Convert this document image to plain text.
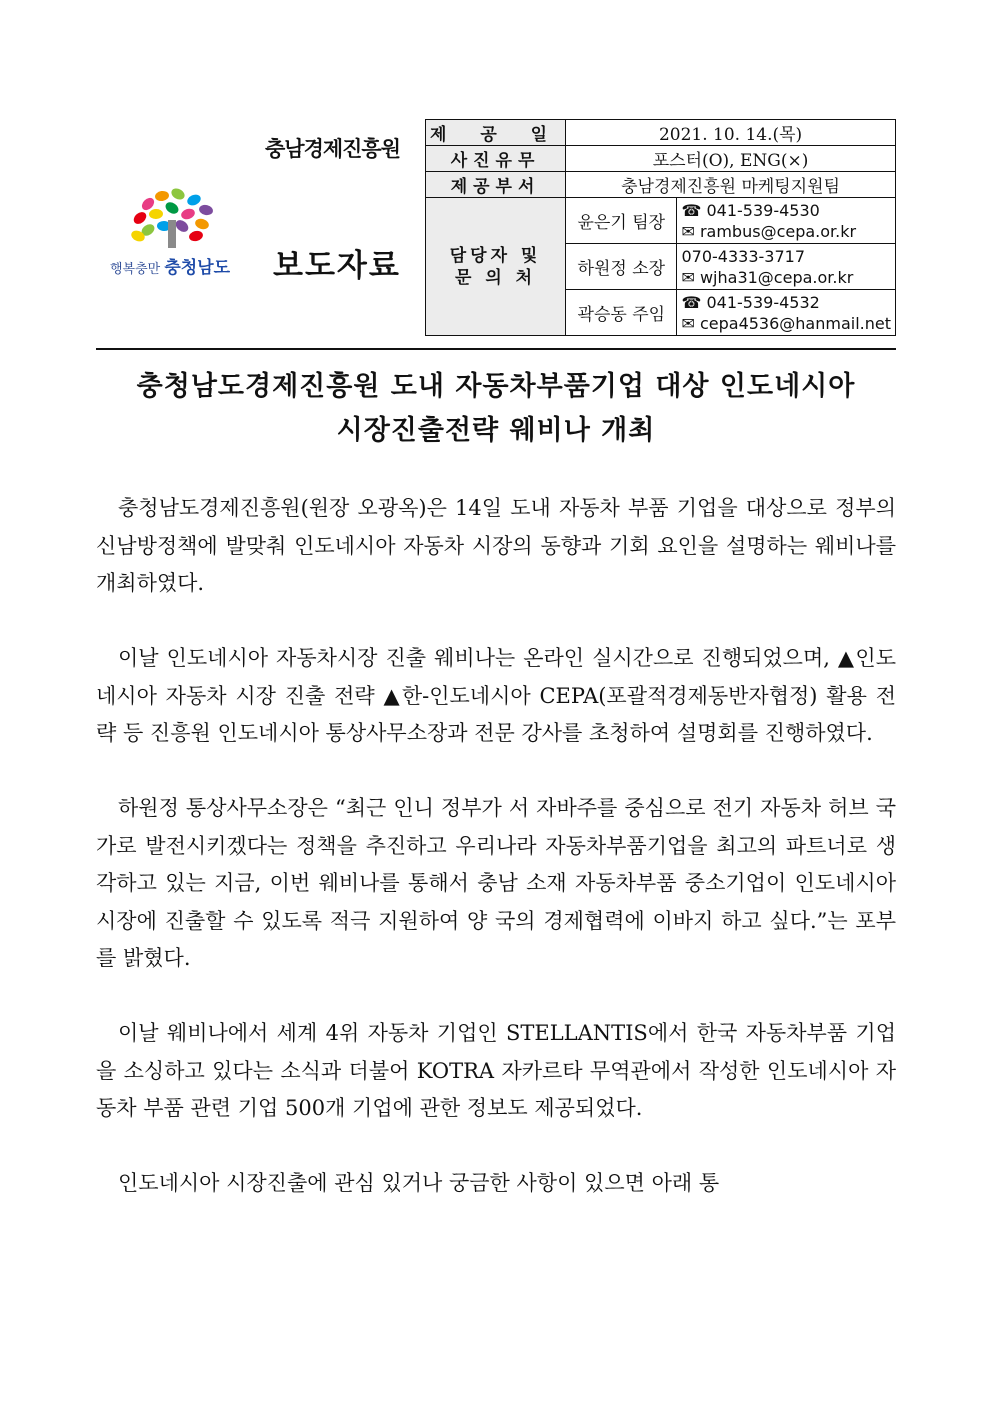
충남경제진흥원
행복충만 충청남도 보도자료
제 공 일	2021. 10. 14.(목)	
사진유무	포스터(O), ENG(×)	
제공부서	충남경제진흥원 마케팅지원팀	
담당자 및
문 의 처	윤은기 팀장	☎ 041-539-4530
✉ rambus@cepa.or.kr
	하원정 소장	070-4333-3717
✉ wjha31@cepa.or.kr
	곽승동 주임	☎ 041-539-4532
✉ cepa4536@hanmail.net
충청남도경제진흥원 도내 자동차부품기업 대상 인도네시아
시장진출전략 웨비나 개최

충청남도경제진흥원(원장 오광옥)은 14일 도내 자동차 부품 기업을 대상으로 정부의 신남방정책에 발맞춰 인도네시아 자동차 시장의 동향과 기회 요인을 설명하는 웨비나를 개최하였다.

이날 인도네시아 자동차시장 진출 웨비나는 온라인 실시간으로 진행되었으며, ▲인도네시아 자동차 시장 진출 전략 ▲한-인도네시아 CEPA(포괄적경제동반자협정) 활용 전략 등 진흥원 인도네시아 통상사무소장과 전문 강사를 초청하여 설명회를 진행하였다.

하원정 통상사무소장은 “최근 인니 정부가 서 자바주를 중심으로 전기 자동차 허브 국가로 발전시키겠다는 정책을 추진하고 우리나라 자동차부품기업을 최고의 파트너로 생각하고 있는 지금, 이번 웨비나를 통해서 충남 소재 자동차부품 중소기업이 인도네시아시장에 진출할 수 있도록 적극 지원하여 양 국의 경제협력에 이바지 하고 싶다.”는 포부를 밝혔다.

이날 웨비나에서 세계 4위 자동차 기업인 STELLANTIS에서 한국 자동차부품 기업을 소싱하고 있다는 소식과 더불어 KOTRA 자카르타 무역관에서 작성한 인도네시아 자동차 부품 관련 기업 500개 기업에 관한 정보도 제공되었다.

인도네시아 시장진출에 관심 있거나 궁금한 사항이 있으면 아래 통
